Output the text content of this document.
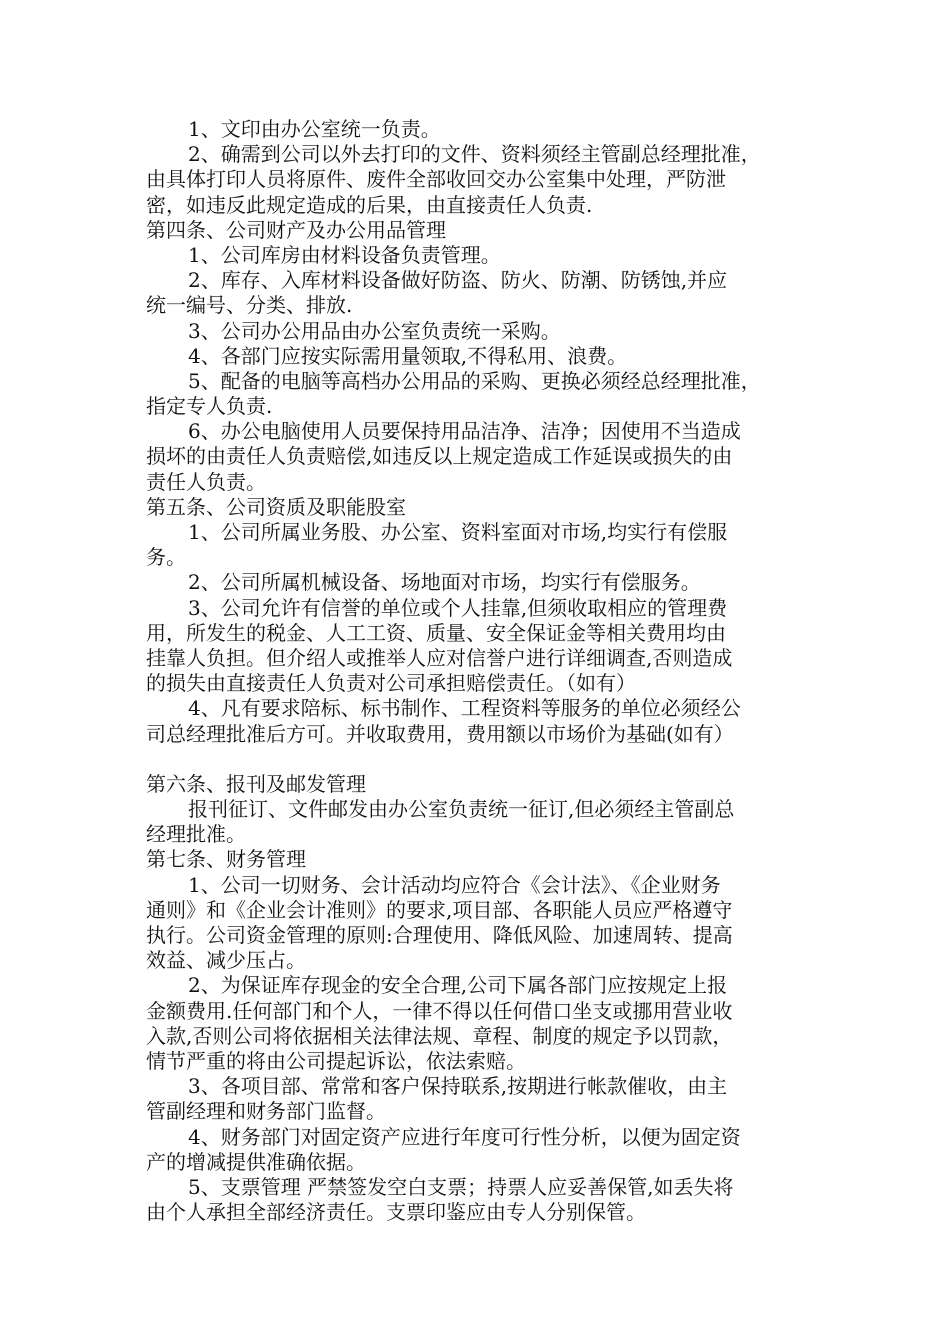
1、文印由办公室统一负责。
2、确需到公司以外去打印的文件、资料须经主管副总经理批准，
由具体打印人员将原件、废件全部收回交办公室集中处理，严防泄
密，如违反此规定造成的后果，由直接责任人负责.
第四条、公司财产及办公用品管理
1、公司库房由材料设备负责管理。
2、库存、入库材料设备做好防盗、防火、防潮、防锈蚀,并应
统一编号、分类、排放.
3、公司办公用品由办公室负责统一采购。
4、各部门应按实际需用量领取,不得私用、浪费。
5、配备的电脑等高档办公用品的采购、更换必须经总经理批准，
指定专人负责.
6、办公电脑使用人员要保持用品洁净、洁净；因使用不当造成
损坏的由责任人负责赔偿,如违反以上规定造成工作延误或损失的由
责任人负责。
第五条、公司资质及职能股室
1、公司所属业务股、办公室、资料室面对市场,均实行有偿服
务。
2、公司所属机械设备、场地面对市场，均实行有偿服务。
3、公司允许有信誉的单位或个人挂靠,但须收取相应的管理费
用，所发生的税金、人工工资、质量、安全保证金等相关费用均由
挂靠人负担。但介绍人或推举人应对信誉户进行详细调查,否则造成
的损失由直接责任人负责对公司承担赔偿责任。（如有）
4、凡有要求陪标、标书制作、工程资料等服务的单位必须经公
司总经理批准后方可。并收取费用，费用额以市场价为基础(如有）
第六条、报刊及邮发管理
报刊征订、文件邮发由办公室负责统一征订,但必须经主管副总
经理批准。
第七条、财务管理
1、公司一切财务、会计活动均应符合《会计法》、《企业财务
通则》和《企业会计准则》的要求,项目部、各职能人员应严格遵守
执行。公司资金管理的原则:合理使用、降低风险、加速周转、提高
效益、减少压占。
2、为保证库存现金的安全合理,公司下属各部门应按规定上报
金额费用.任何部门和个人，一律不得以任何借口坐支或挪用营业收
入款,否则公司将依据相关法律法规、章程、制度的规定予以罚款，
情节严重的将由公司提起诉讼，依法索赔。
3、各项目部、常常和客户保持联系,按期进行帐款催收，由主
管副经理和财务部门监督。
4、财务部门对固定资产应进行年度可行性分析，以便为固定资
产的增减提供准确依据。
5、支票管理 严禁签发空白支票；持票人应妥善保管,如丢失将
由个人承担全部经济责任。支票印鉴应由专人分别保管。
